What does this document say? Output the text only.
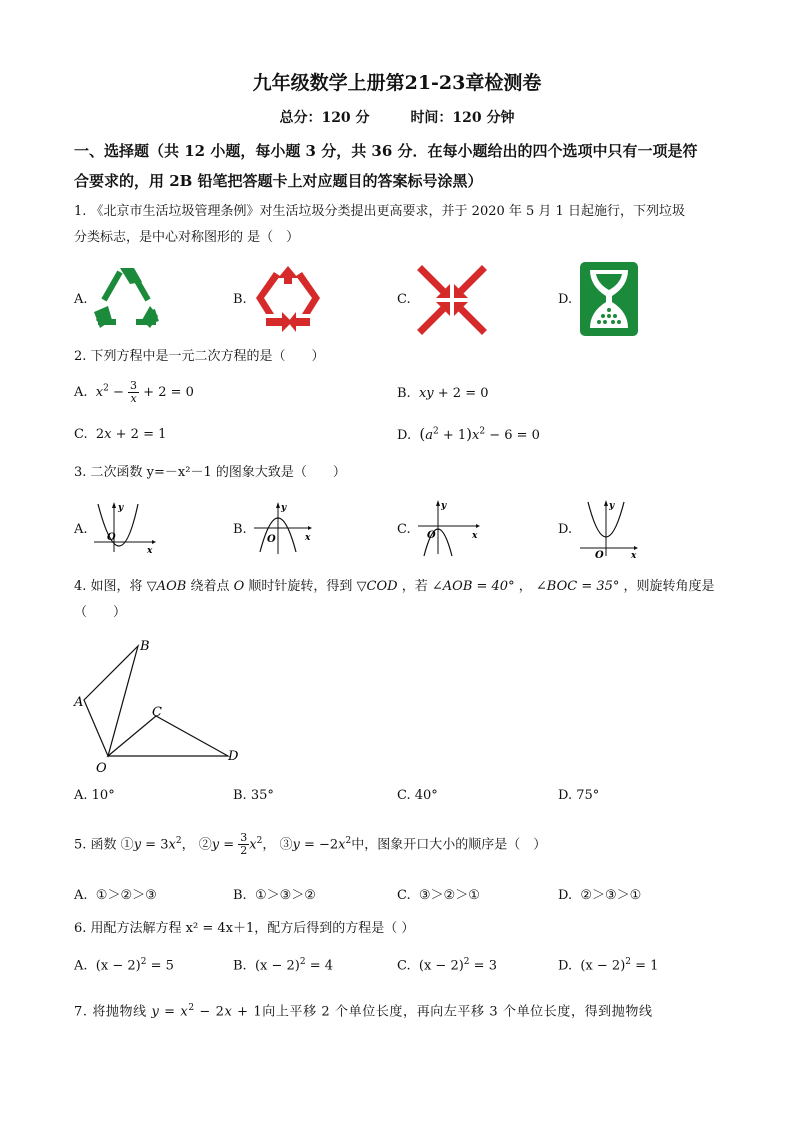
九年级数学上册第21-23章检测卷
总分：120 分	时间：120 分钟
一、选择题（共 12 小题，每小题 3 分，共 36 分．在每小题给出的四个选项中只有一项是符
合要求的，用 2B 铅笔把答题卡上对应题目的答案标号涂黑）
1. 《北京市生活垃圾管理条例》对生活垃圾分类提出更高要求，并于 2020 年 5 月 1 日起施行，下列垃圾
分类标志，是中心对称图形的 是（　）
A.	B.	C.	D.
2. 下列方程中是一元二次方程的是（　　）
A. $x^2 - \frac{3}{x} + 2 = 0$	B. xy + 2 = 0
C.  2x + 2 = 1	D. $(a^2 + 1)x^2 - 6 = 0$
3. 二次函数 y=－x²－1 的图象大致是（　　）
A.
O
x
y
B.
O	x
y
C. O	x
y
D.
O	x
y
4. 如图，将 ▽AOB 绕着点 O 顺时针旋转，得到 ▽COD ，若 ∠AOB = 40° ， ∠BOC = 35° ，则旋转角度是
（　　）
A
B
C
D
O
A. 10°	B. 35°	C. 40°	D. 75°
5. 函数 ①y = $3x^2$， ②y = $\frac{3}{2} x^2$， ③y = $-2x^2$中，图象开口大小的顺序是（　）
A. ①＞②＞③	B. ①＞③＞②	C. ③＞②＞①	D. ②＞③＞①
6. 用配方法解方程 x² = 4x＋1，配方后得到的方程是（ ）
A.  $(x - 2)^2 = 5$	B.  $(x - 2)^2 = 4$	C.  $(x - 2)^2 = 3$	D.  $(x - 2)^2 = 1$
7. 将抛物线 $y = x^2 - 2x + 1$向上平移 2 个单位长度，再向左平移 3 个单位长度，得到抛物线
